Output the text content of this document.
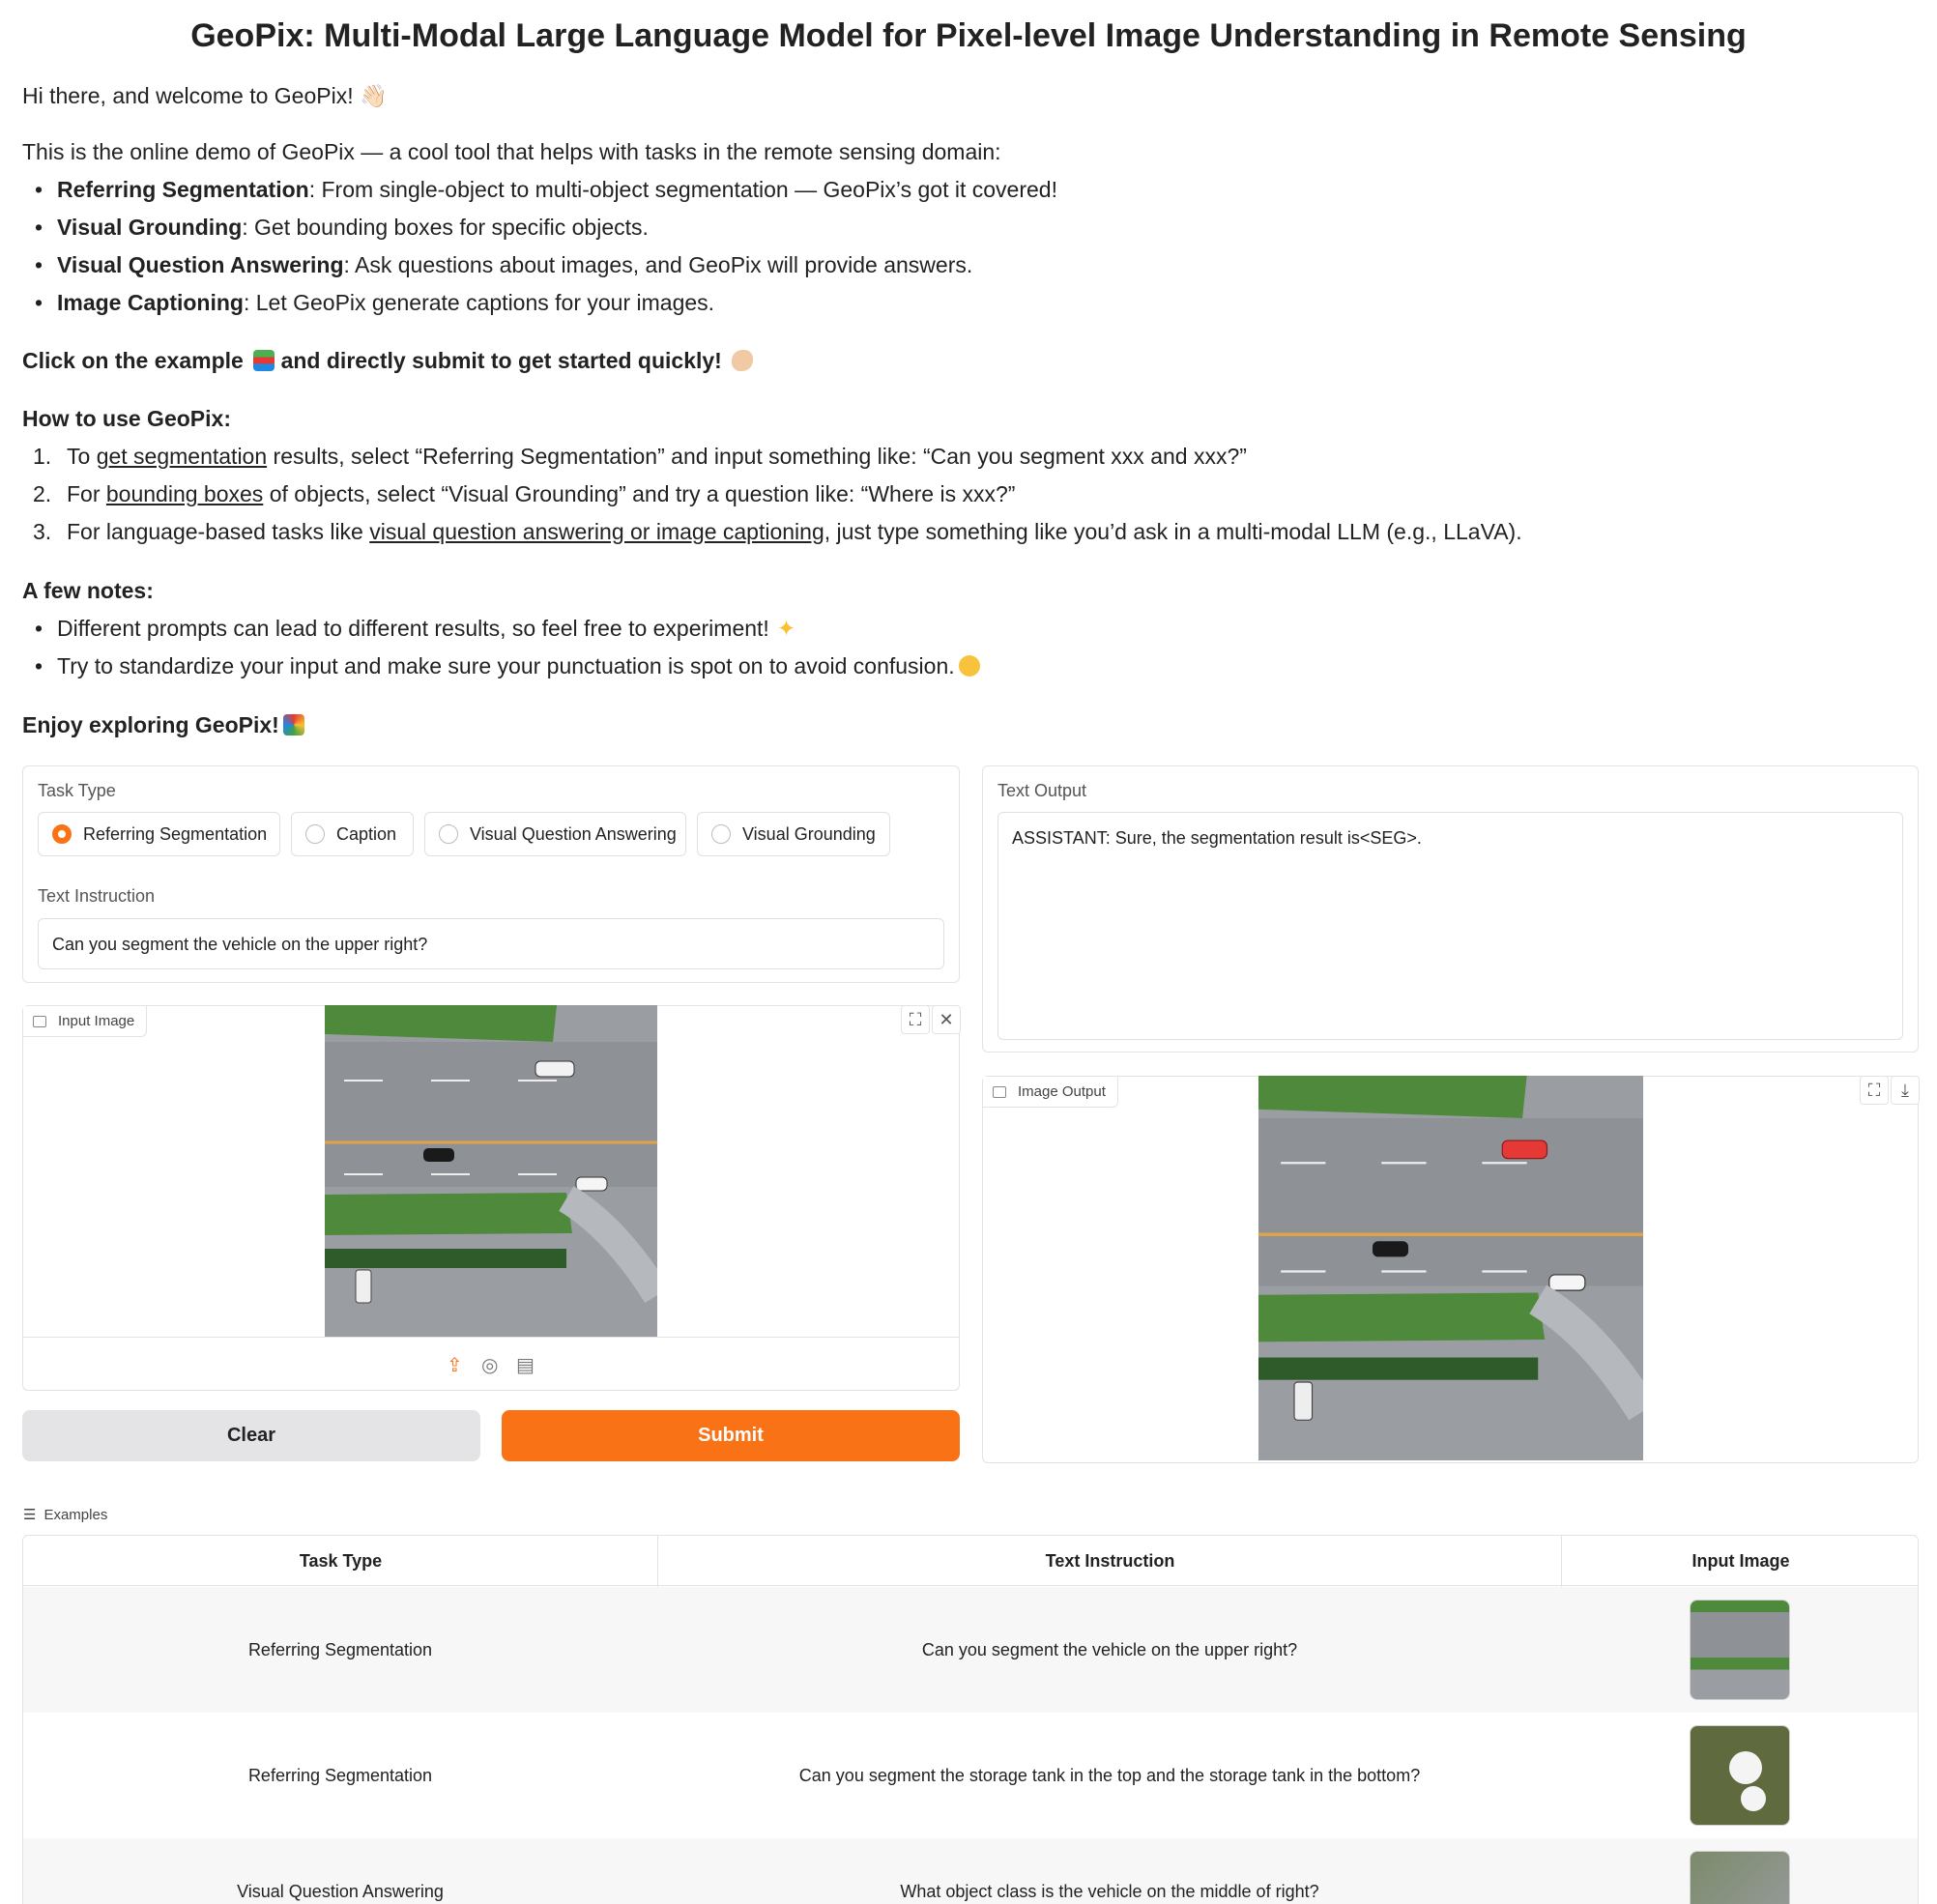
GeoPix: Multi-Modal Large Language Model for Pixel-level Image Understanding in Remote Sensing
Hi there, and welcome to GeoPix! 👋🏻
This is the online demo of GeoPix — a cool tool that helps with tasks in the remote sensing domain:
• Referring Segmentation: From single-object to multi-object segmentation — GeoPix’s got it covered!
• Visual Grounding: Get bounding boxes for specific objects.
• Visual Question Answering: Ask questions about images, and GeoPix will provide answers.
• Image Captioning: Let GeoPix generate captions for your images.
Click on the example and directly submit to get started quickly!
How to use GeoPix:
1. To get segmentation results, select “Referring Segmentation” and input something like: “Can you segment xxx and xxx?”
2. For bounding boxes of objects, select “Visual Grounding” and try a question like: “Where is xxx?”
3. For language-based tasks like visual question answering or image captioning, just type something like you’d ask in a multi-modal LLM (e.g., LLaVA).
A few notes:
• Different prompts can lead to different results, so feel free to experiment! ✦
• Try to standardize your input and make sure your punctuation is spot on to avoid confusion.
Enjoy exploring GeoPix!
Task Type
Referring Segmentation	Caption	Visual Question Answering	Visual Grounding
Text Instruction
Can you segment the vehicle on the upper right?
Input Image	⛶	✕
⇪ ◎ ▤
Clear	Submit
Text Output
ASSISTANT: Sure, the segmentation result is<SEG>.
Image Output	⛶	⤓
☰ Examples
Task Type	Text Instruction	Input Image
Referring Segmentation	Can you segment the vehicle on the upper right?
Referring Segmentation	Can you segment the storage tank in the top and the storage tank in the bottom?
Visual Question Answering	What object class is the vehicle on the middle of right?
